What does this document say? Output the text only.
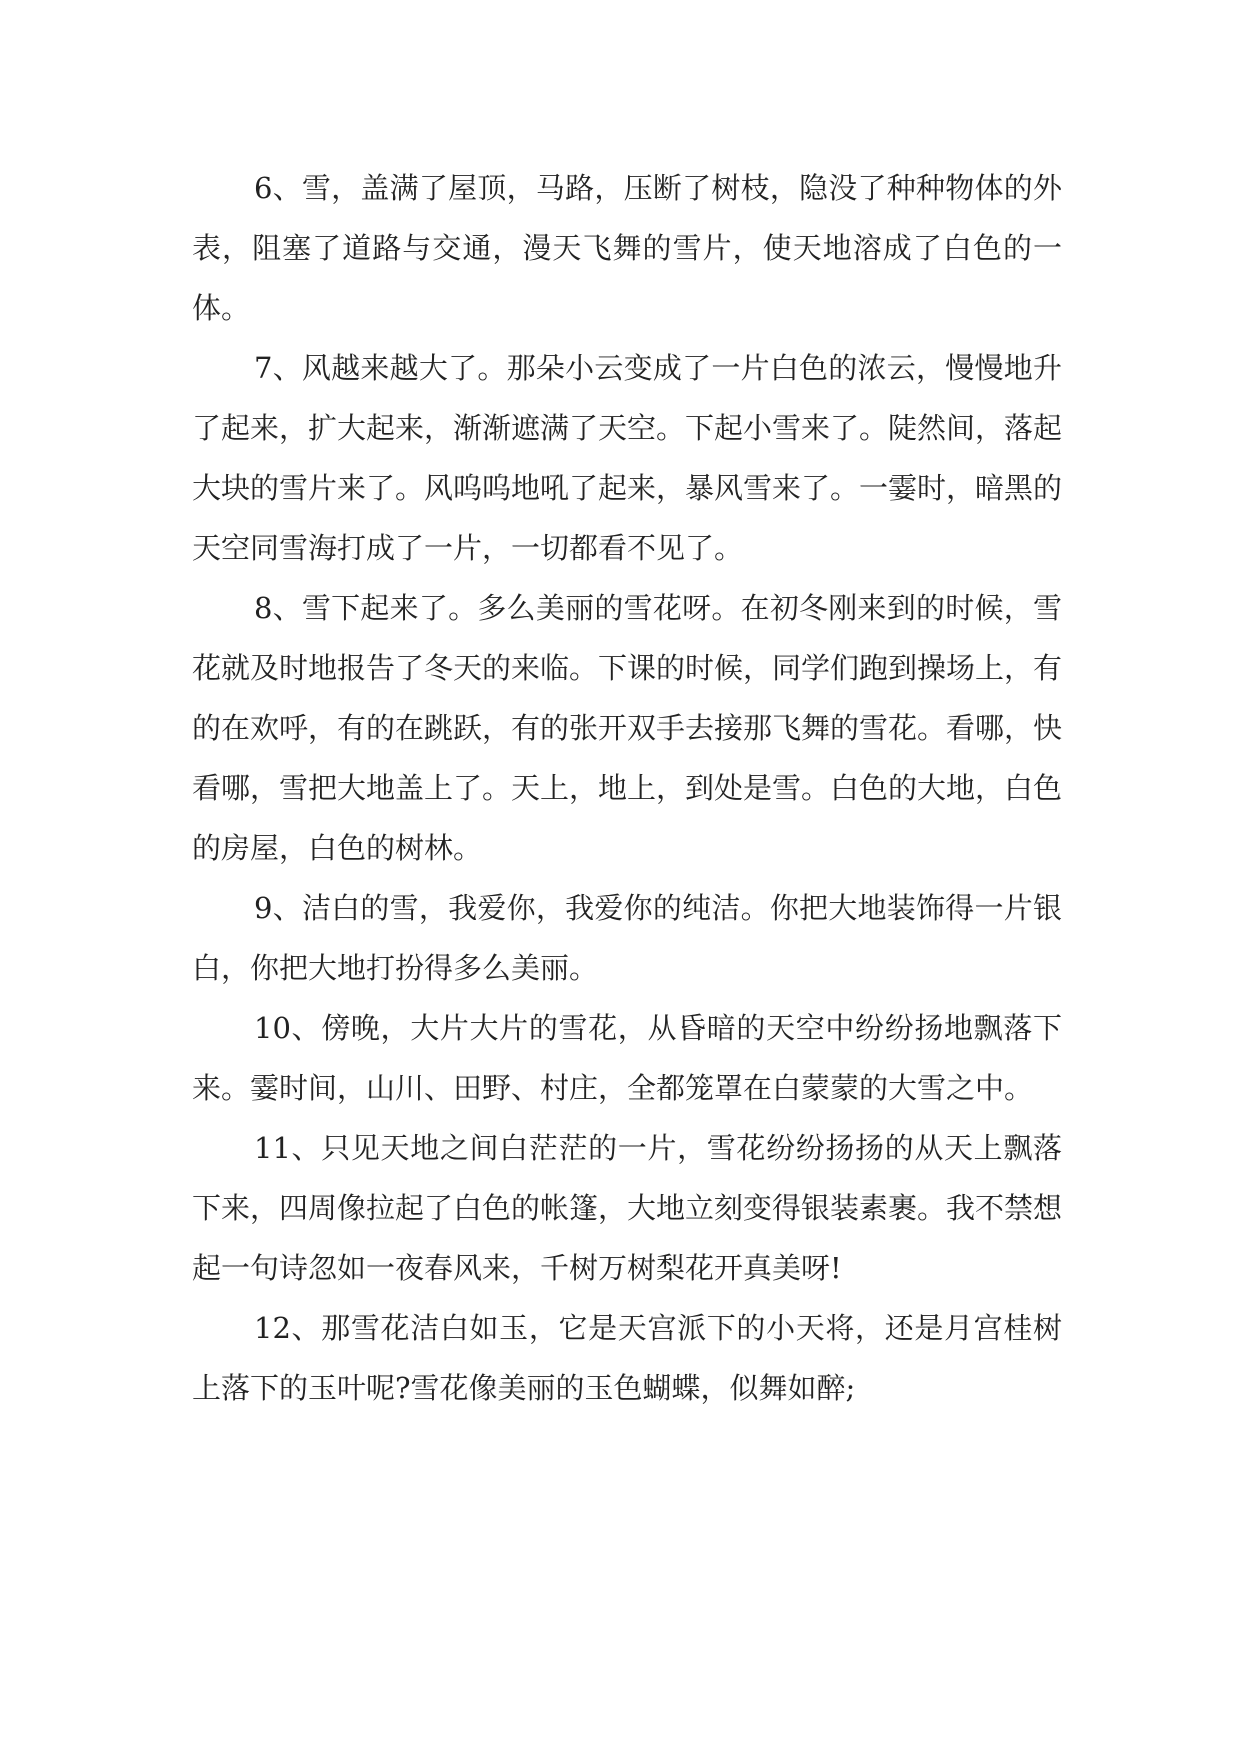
6、雪，盖满了屋顶，马路，压断了树枝，隐没了种种物体的外表，阻塞了道路与交通，漫天飞舞的雪片，使天地溶成了白色的一体。

7、风越来越大了。那朵小云变成了一片白色的浓云，慢慢地升了起来，扩大起来，渐渐遮满了天空。下起小雪来了。陡然间，落起大块的雪片来了。风呜呜地吼了起来，暴风雪来了。一霎时，暗黑的天空同雪海打成了一片，一切都看不见了。

8、雪下起来了。多么美丽的雪花呀。在初冬刚来到的时候，雪花就及时地报告了冬天的来临。下课的时候，同学们跑到操场上，有的在欢呼，有的在跳跃，有的张开双手去接那飞舞的雪花。看哪，快看哪，雪把大地盖上了。天上，地上，到处是雪。白色的大地，白色的房屋，白色的树林。

9、洁白的雪，我爱你，我爱你的纯洁。你把大地装饰得一片银白，你把大地打扮得多么美丽。

10、傍晚，大片大片的雪花，从昏暗的天空中纷纷扬地飘落下来。霎时间，山川、田野、村庄，全都笼罩在白蒙蒙的大雪之中。

11、只见天地之间白茫茫的一片，雪花纷纷扬扬的从天上飘落下来，四周像拉起了白色的帐篷，大地立刻变得银装素裹。我不禁想起一句诗忽如一夜春风来，千树万树梨花开真美呀!

12、那雪花洁白如玉，它是天宫派下的小天将，还是月宫桂树上落下的玉叶呢?雪花像美丽的玉色蝴蝶，似舞如醉;
